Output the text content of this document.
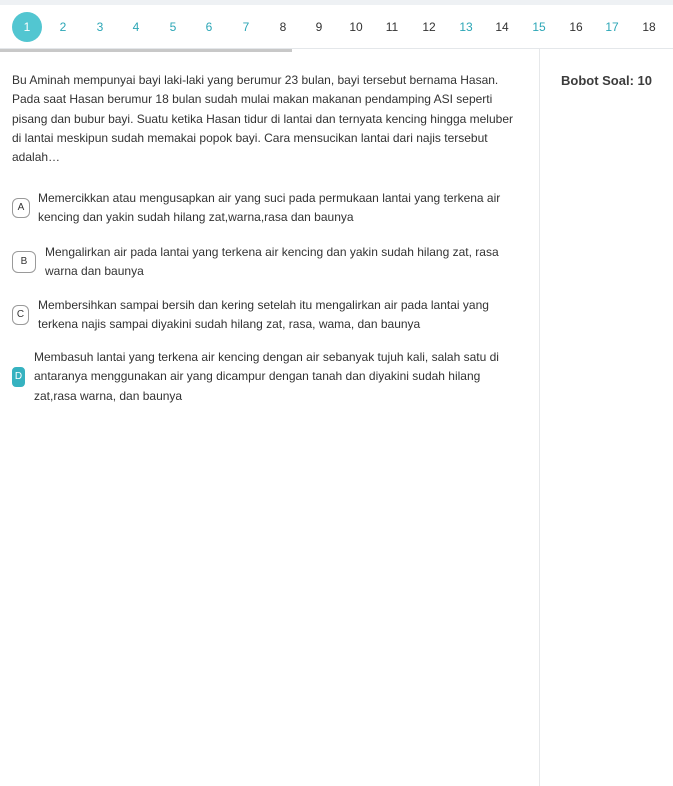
1	2	3	4	5	6	7	8	9	10	11	12	13	14	15	16	17	18
Bobot Soal: 10
Bu Aminah mempunyai bayi laki-laki yang berumur 23 bulan, bayi tersebut bernama Hasan. Pada saat Hasan berumur 18 bulan sudah mulai makan makanan pendamping ASI seperti pisang dan bubur bayi. Suatu ketika Hasan tidur di lantai dan ternyata kencing hingga meluber di lantai meskipun sudah memakai popok bayi. Cara mensucikan lantai dari najis tersebut adalah…
A
Memercikkan atau mengusapkan air yang suci pada permukaan lantai yang terkena air kencing dan yakin sudah hilang zat,warna,rasa dan baunya
B
Mengalirkan air pada lantai yang terkena air kencing dan yakin sudah hilang zat, rasa warna dan baunya
C
Membersihkan sampai bersih dan kering setelah itu mengalirkan air pada lantai yang terkena najis sampai diyakini sudah hilang zat, rasa, wama, dan baunya
D
Membasuh lantai yang terkena air kencing dengan air sebanyak tujuh kali, salah satu di antaranya menggunakan air yang dicampur dengan tanah dan diyakini sudah hilang zat,rasa warna, dan baunya
